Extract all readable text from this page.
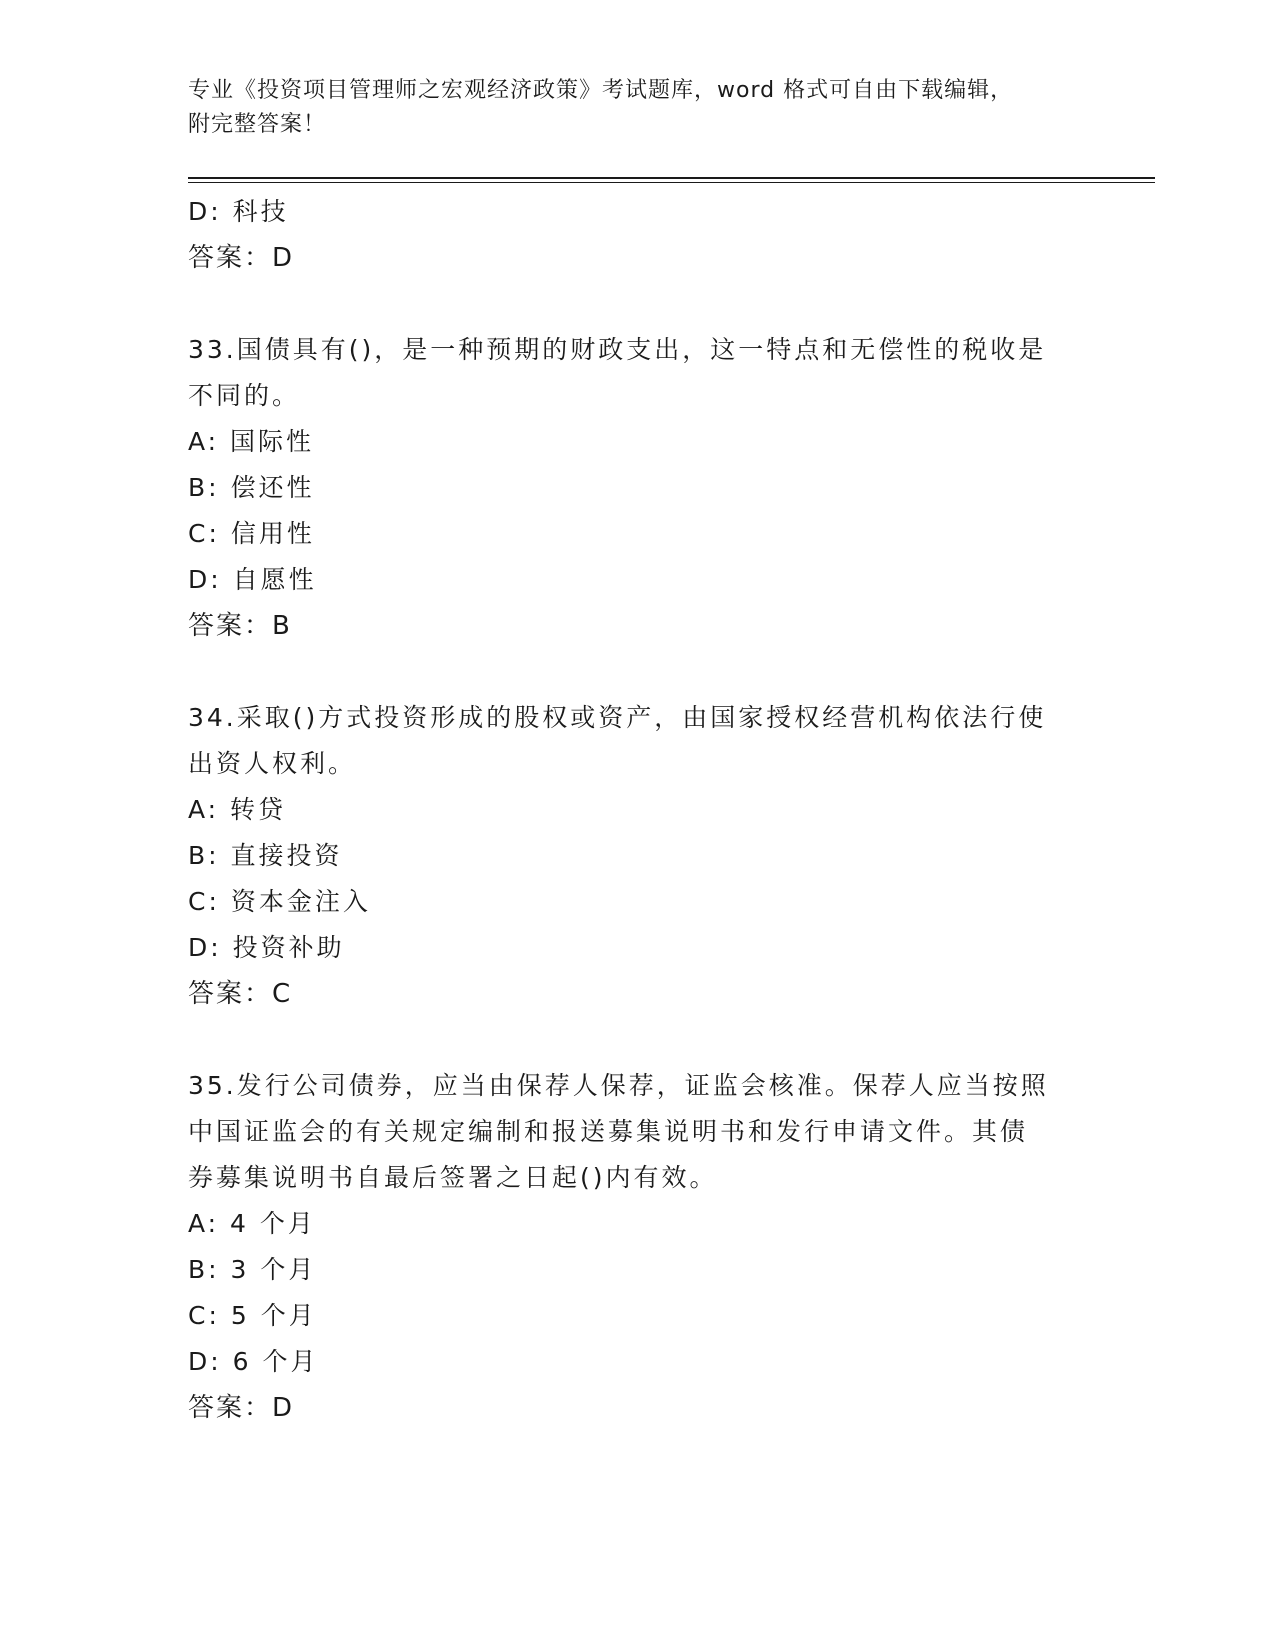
专业《投资项目管理师之宏观经济政策》考试题库，word 格式可自由下载编辑，
附完整答案！
D: 科技
答案：D
33.国债具有()，是一种预期的财政支出，这一特点和无偿性的税收是
不同的。
A: 国际性
B: 偿还性
C: 信用性
D: 自愿性
答案：B
34.采取()方式投资形成的股权或资产，由国家授权经营机构依法行使
出资人权利。
A: 转贷
B: 直接投资
C: 资本金注入
D: 投资补助
答案：C
35.发行公司债券，应当由保荐人保荐，证监会核准。保荐人应当按照
中国证监会的有关规定编制和报送募集说明书和发行申请文件。其债
券募集说明书自最后签署之日起()内有效。
A: 4 个月
B: 3 个月
C: 5 个月
D: 6 个月
答案：D
